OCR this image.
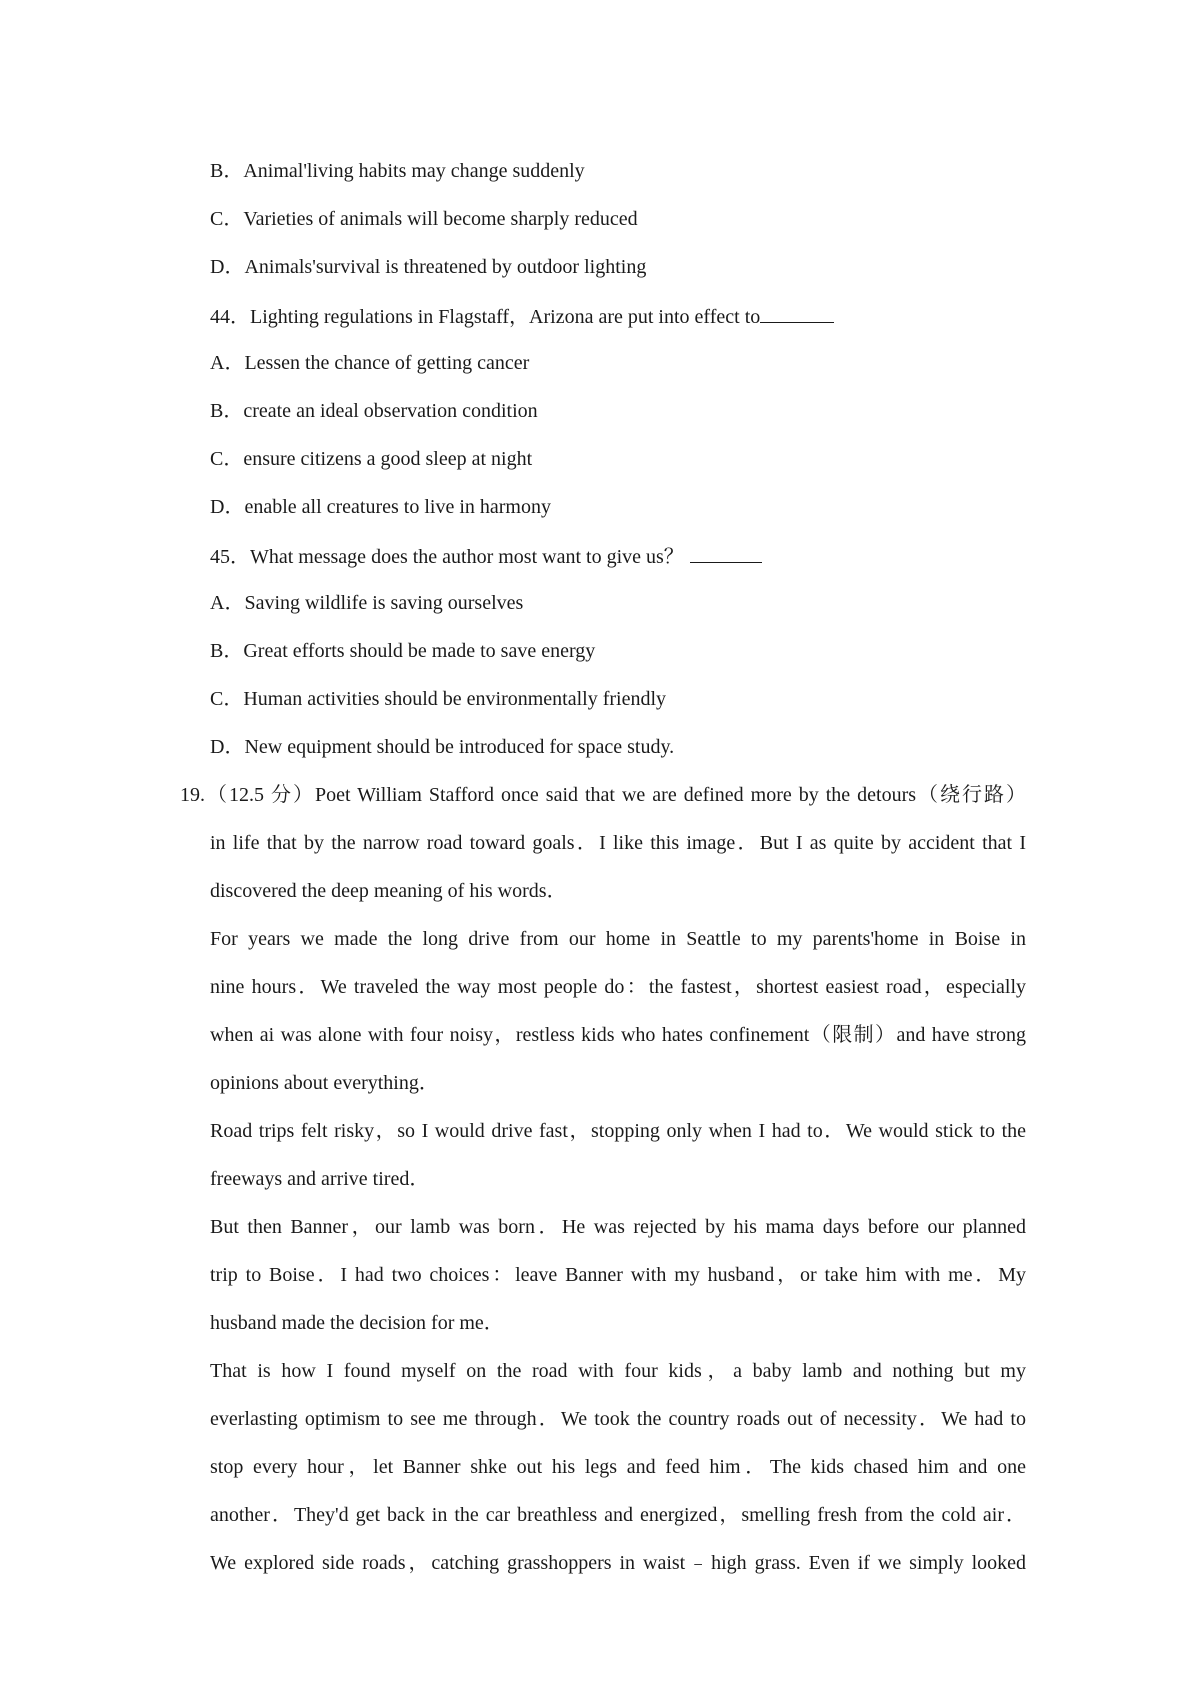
B．Animal'living habits may change suddenly
C．Varieties of animals will become sharply reduced
D．Animals'survival is threatened by outdoor lighting
44．Lighting regulations in Flagstaff，Arizona are put into effect to
A．Lessen the chance of getting cancer
B．create an ideal observation condition
C．ensure citizens a good sleep at night
D．enable all creatures to live in harmony
45．What message does the author most want to give us？
A．Saving wildlife is saving ourselves
B．Great efforts should be made to save energy
C．Human activities should be environmentally friendly
D．New equipment should be introduced for space study.
19.（12.5 分）Poet William Stafford once said that we are defined more by the detours（绕行路）
in life that by the narrow road toward goals．I like this image．But I as quite by accident that I
discovered the deep meaning of his words．
For years we made the long drive from our home in Seattle to my parents'home in Boise in
nine hours．We traveled the way most people do：the fastest，shortest easiest road，especially
when ai was alone with four noisy，restless kids who hates confinement（限制）and have strong
opinions about everything．
Road trips felt risky，so I would drive fast，stopping only when I had to．We would stick to the
freeways and arrive tired．
But then Banner，our lamb was born．He was rejected by his mama days before our planned
trip to Boise．I had two choices：leave Banner with my husband，or take him with me．My
husband made the decision for me．
That is how I found myself on the road with four kids，a baby lamb and nothing but my
everlasting optimism to see me through．We took the country roads out of necessity．We had to
stop every hour，let Banner shke out his legs and feed him．The kids chased him and one
another．They'd get back in the car breathless and energized，smelling fresh from the cold air．
We explored side roads，catching grasshoppers in waist﹣high grass. Even if we simply looked
